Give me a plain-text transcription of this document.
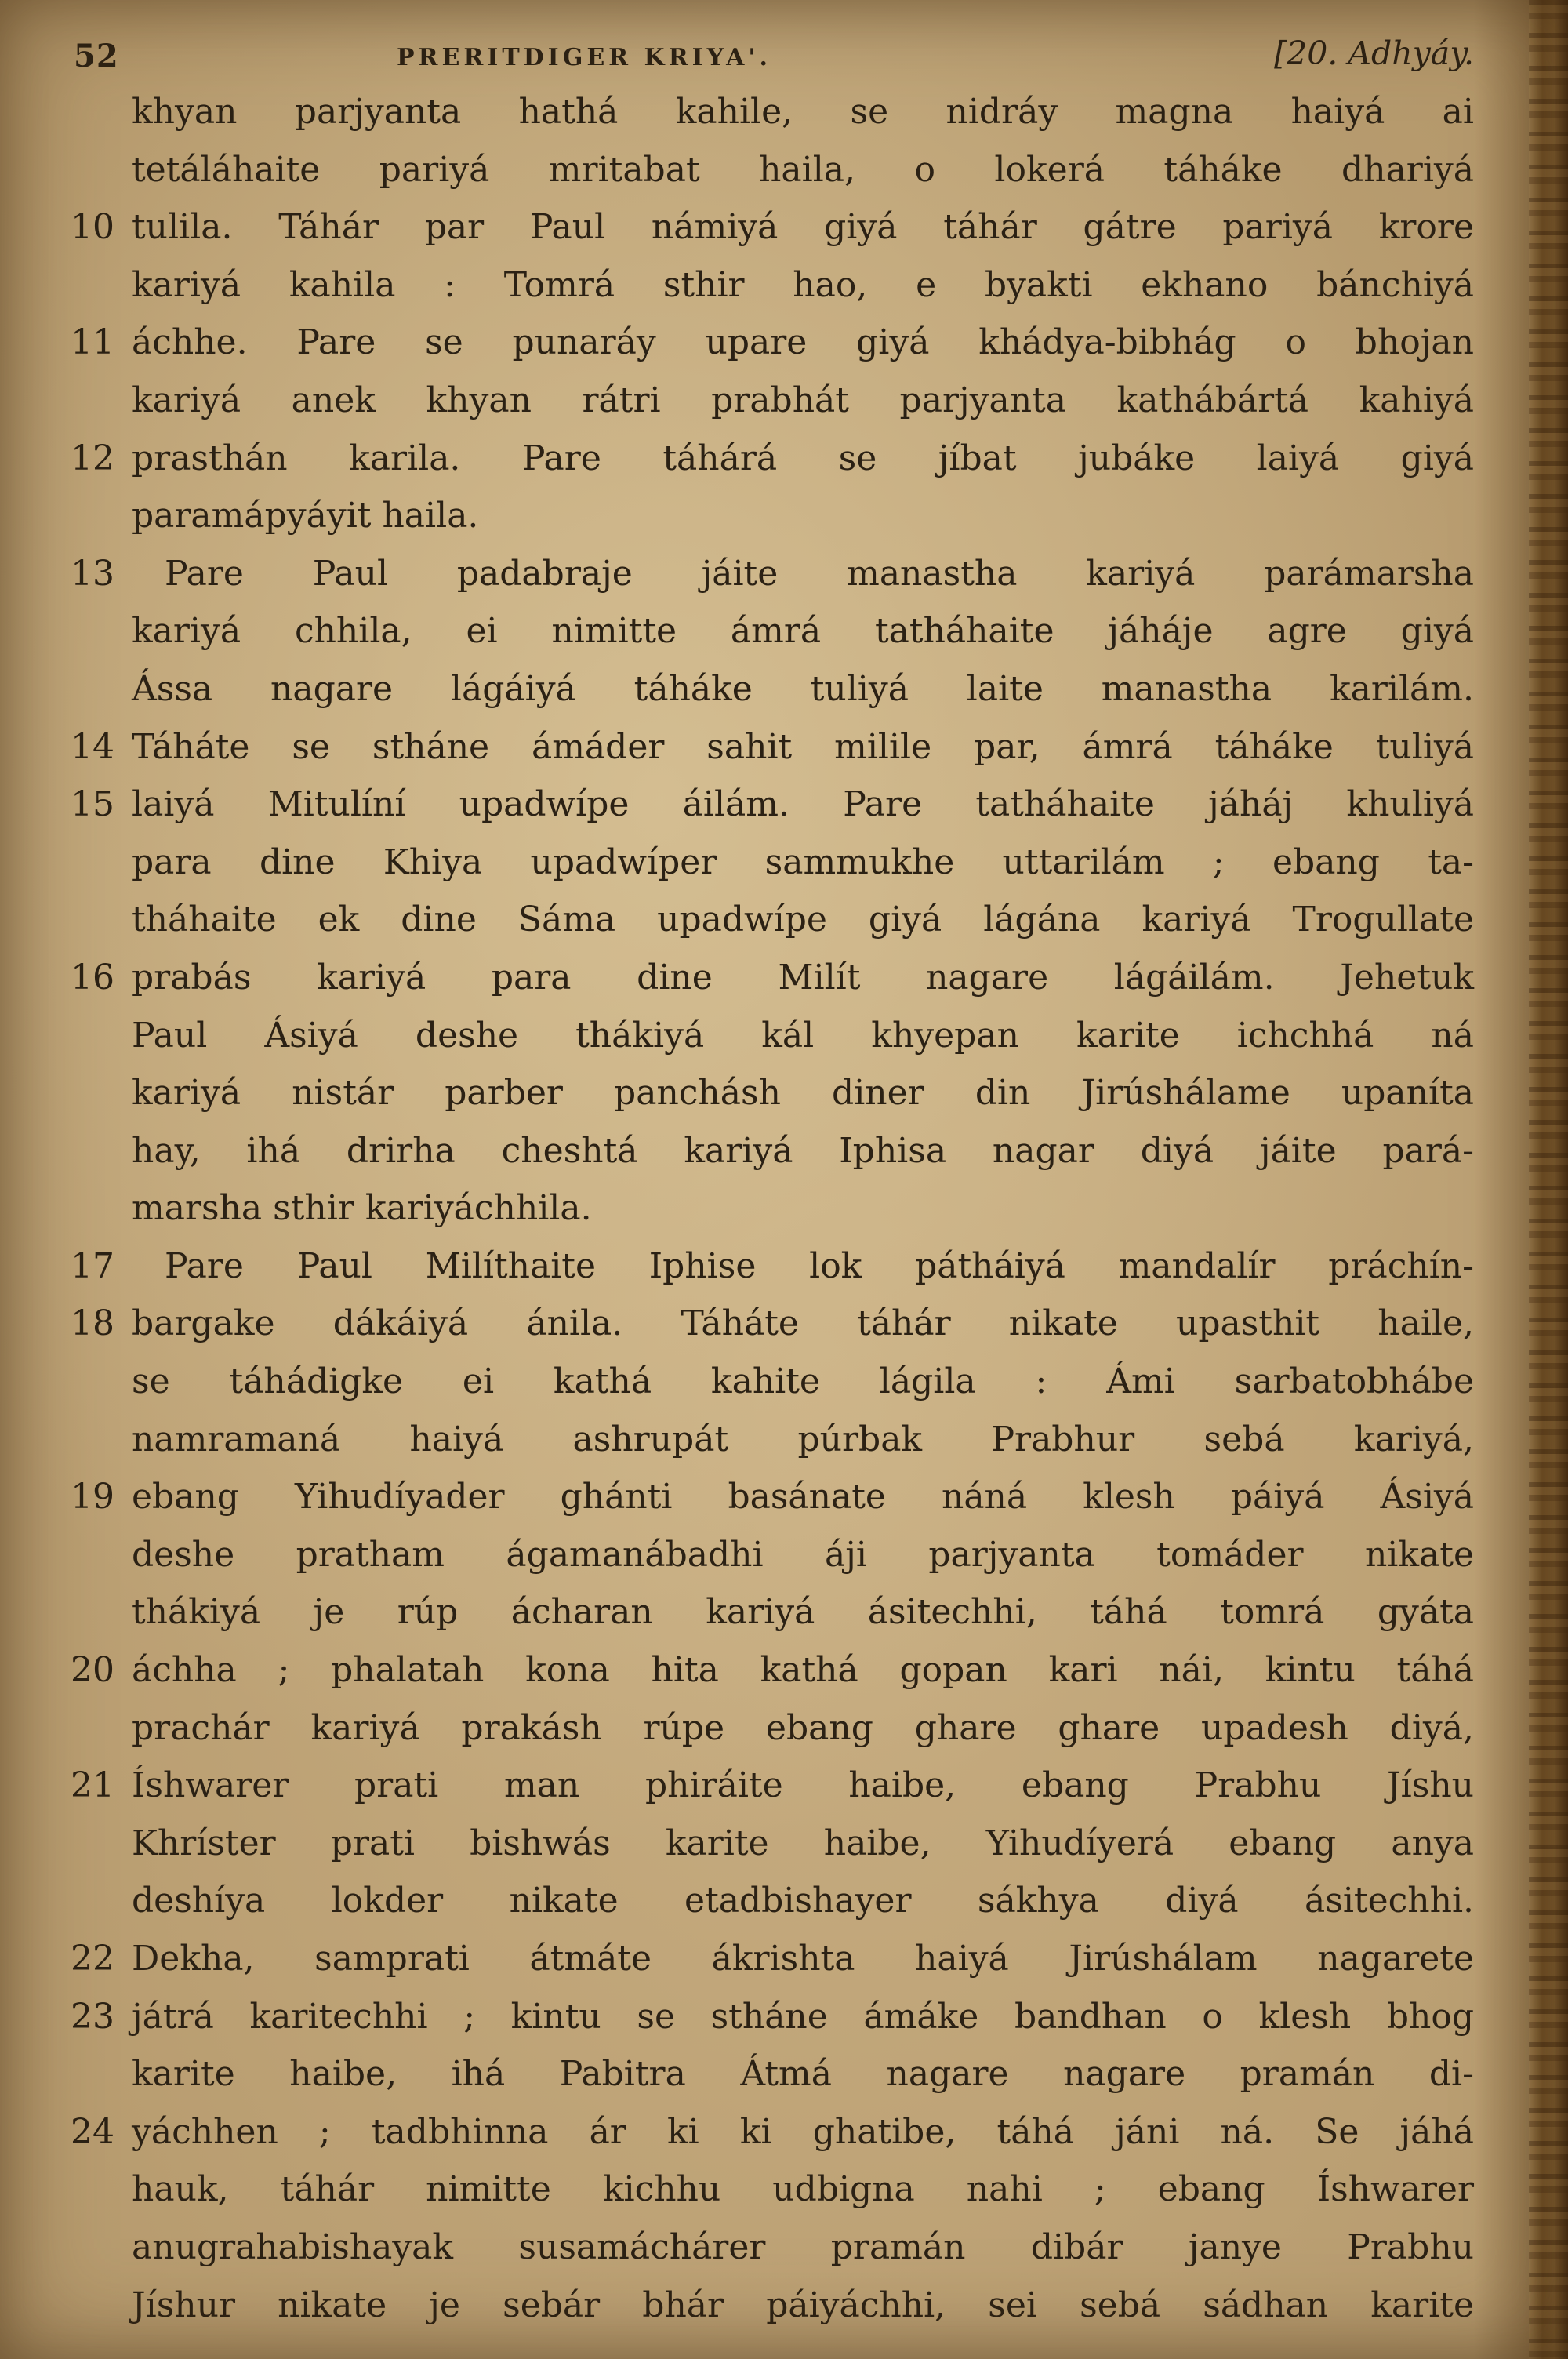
52	PRERITDIGER KRIYA'.	[20. Adhyáy.
khyan parjyanta hathá kahile, se nidráy magna haiyá ai
tetáláhaite pariyá mritabat haila, o lokerá táháke dhariyá
10 tulila. Táhár par Paul námiyá giyá táhár gátre pariyá krore
kariyá kahila : Tomrá sthir hao, e byakti ekhano bánchiyá
11 áchhe. Pare se punaráy upare giyá khádya-bibhág o bhojan
kariyá anek khyan rátri prabhát parjyanta kathábártá kahiyá
12 prasthán karila. Pare táhárá se jíbat jubáke laiyá giyá
paramápyáyit haila.
13	Pare Paul padabraje jáite manastha kariyá parámarsha
kariyá chhila, ei nimitte ámrá tatháhaite jáháje agre giyá
Ássa nagare lágáiyá táháke tuliyá laite manastha karilám.
14 Táháte se stháne ámáder sahit milile par, ámrá táháke tuliyá
15 laiyá Mitulíní upadwípe áilám. Pare tatháhaite jáháj khuliyá
para dine Khiya upadwíper sammukhe uttarilám ; ebang ta-
tháhaite ek dine Sáma upadwípe giyá lágána kariyá Trogullate
16 prabás kariyá para dine Milít nagare lágáilám. Jehetuk
Paul Ásiyá deshe thákiyá kál khyepan karite ichchhá ná
kariyá nistár parber panchásh diner din Jirúshálame upaníta
hay, ihá drirha cheshtá kariyá Iphisa nagar diyá jáite pará-
marsha sthir kariyáchhila.
17	Pare Paul Milíthaite Iphise lok pátháiyá mandalír práchín-
18 bargake dákáiyá ánila. Táháte táhár nikate upasthit haile,
se táhádigke ei kathá kahite lágila : Ámi sarbatobhábe
namramaná haiyá ashrupát púrbak Prabhur sebá kariyá,
19 ebang Yihudíyader ghánti basánate náná klesh páiyá Ásiyá
deshe pratham ágamanábadhi áji parjyanta tomáder nikate
thákiyá je rúp ácharan kariyá ásitechhi, táhá tomrá gyáta
20 áchha ; phalatah kona hita kathá gopan kari nái, kintu táhá
prachár kariyá prakásh rúpe ebang ghare ghare upadesh diyá,
21 Íshwarer prati man phiráite haibe, ebang Prabhu Jíshu
Khríster prati bishwás karite haibe, Yihudíyerá ebang anya
deshíya lokder nikate etadbishayer sákhya diyá ásitechhi.
22 Dekha, samprati átmáte ákrishta haiyá Jirúshálam nagarete
23 játrá karitechhi ; kintu se stháne ámáke bandhan o klesh bhog
karite haibe, ihá Pabitra Átmá nagare nagare pramán di-
24 yáchhen ; tadbhinna ár ki ki ghatibe, táhá jáni ná. Se jáhá
hauk, táhár nimitte kichhu udbigna nahi ; ebang Íshwarer
anugrahabishayak susamáchárer pramán dibár janye Prabhu
Jíshur nikate je sebár bhár páiyáchhi, sei sebá sádhan karite
